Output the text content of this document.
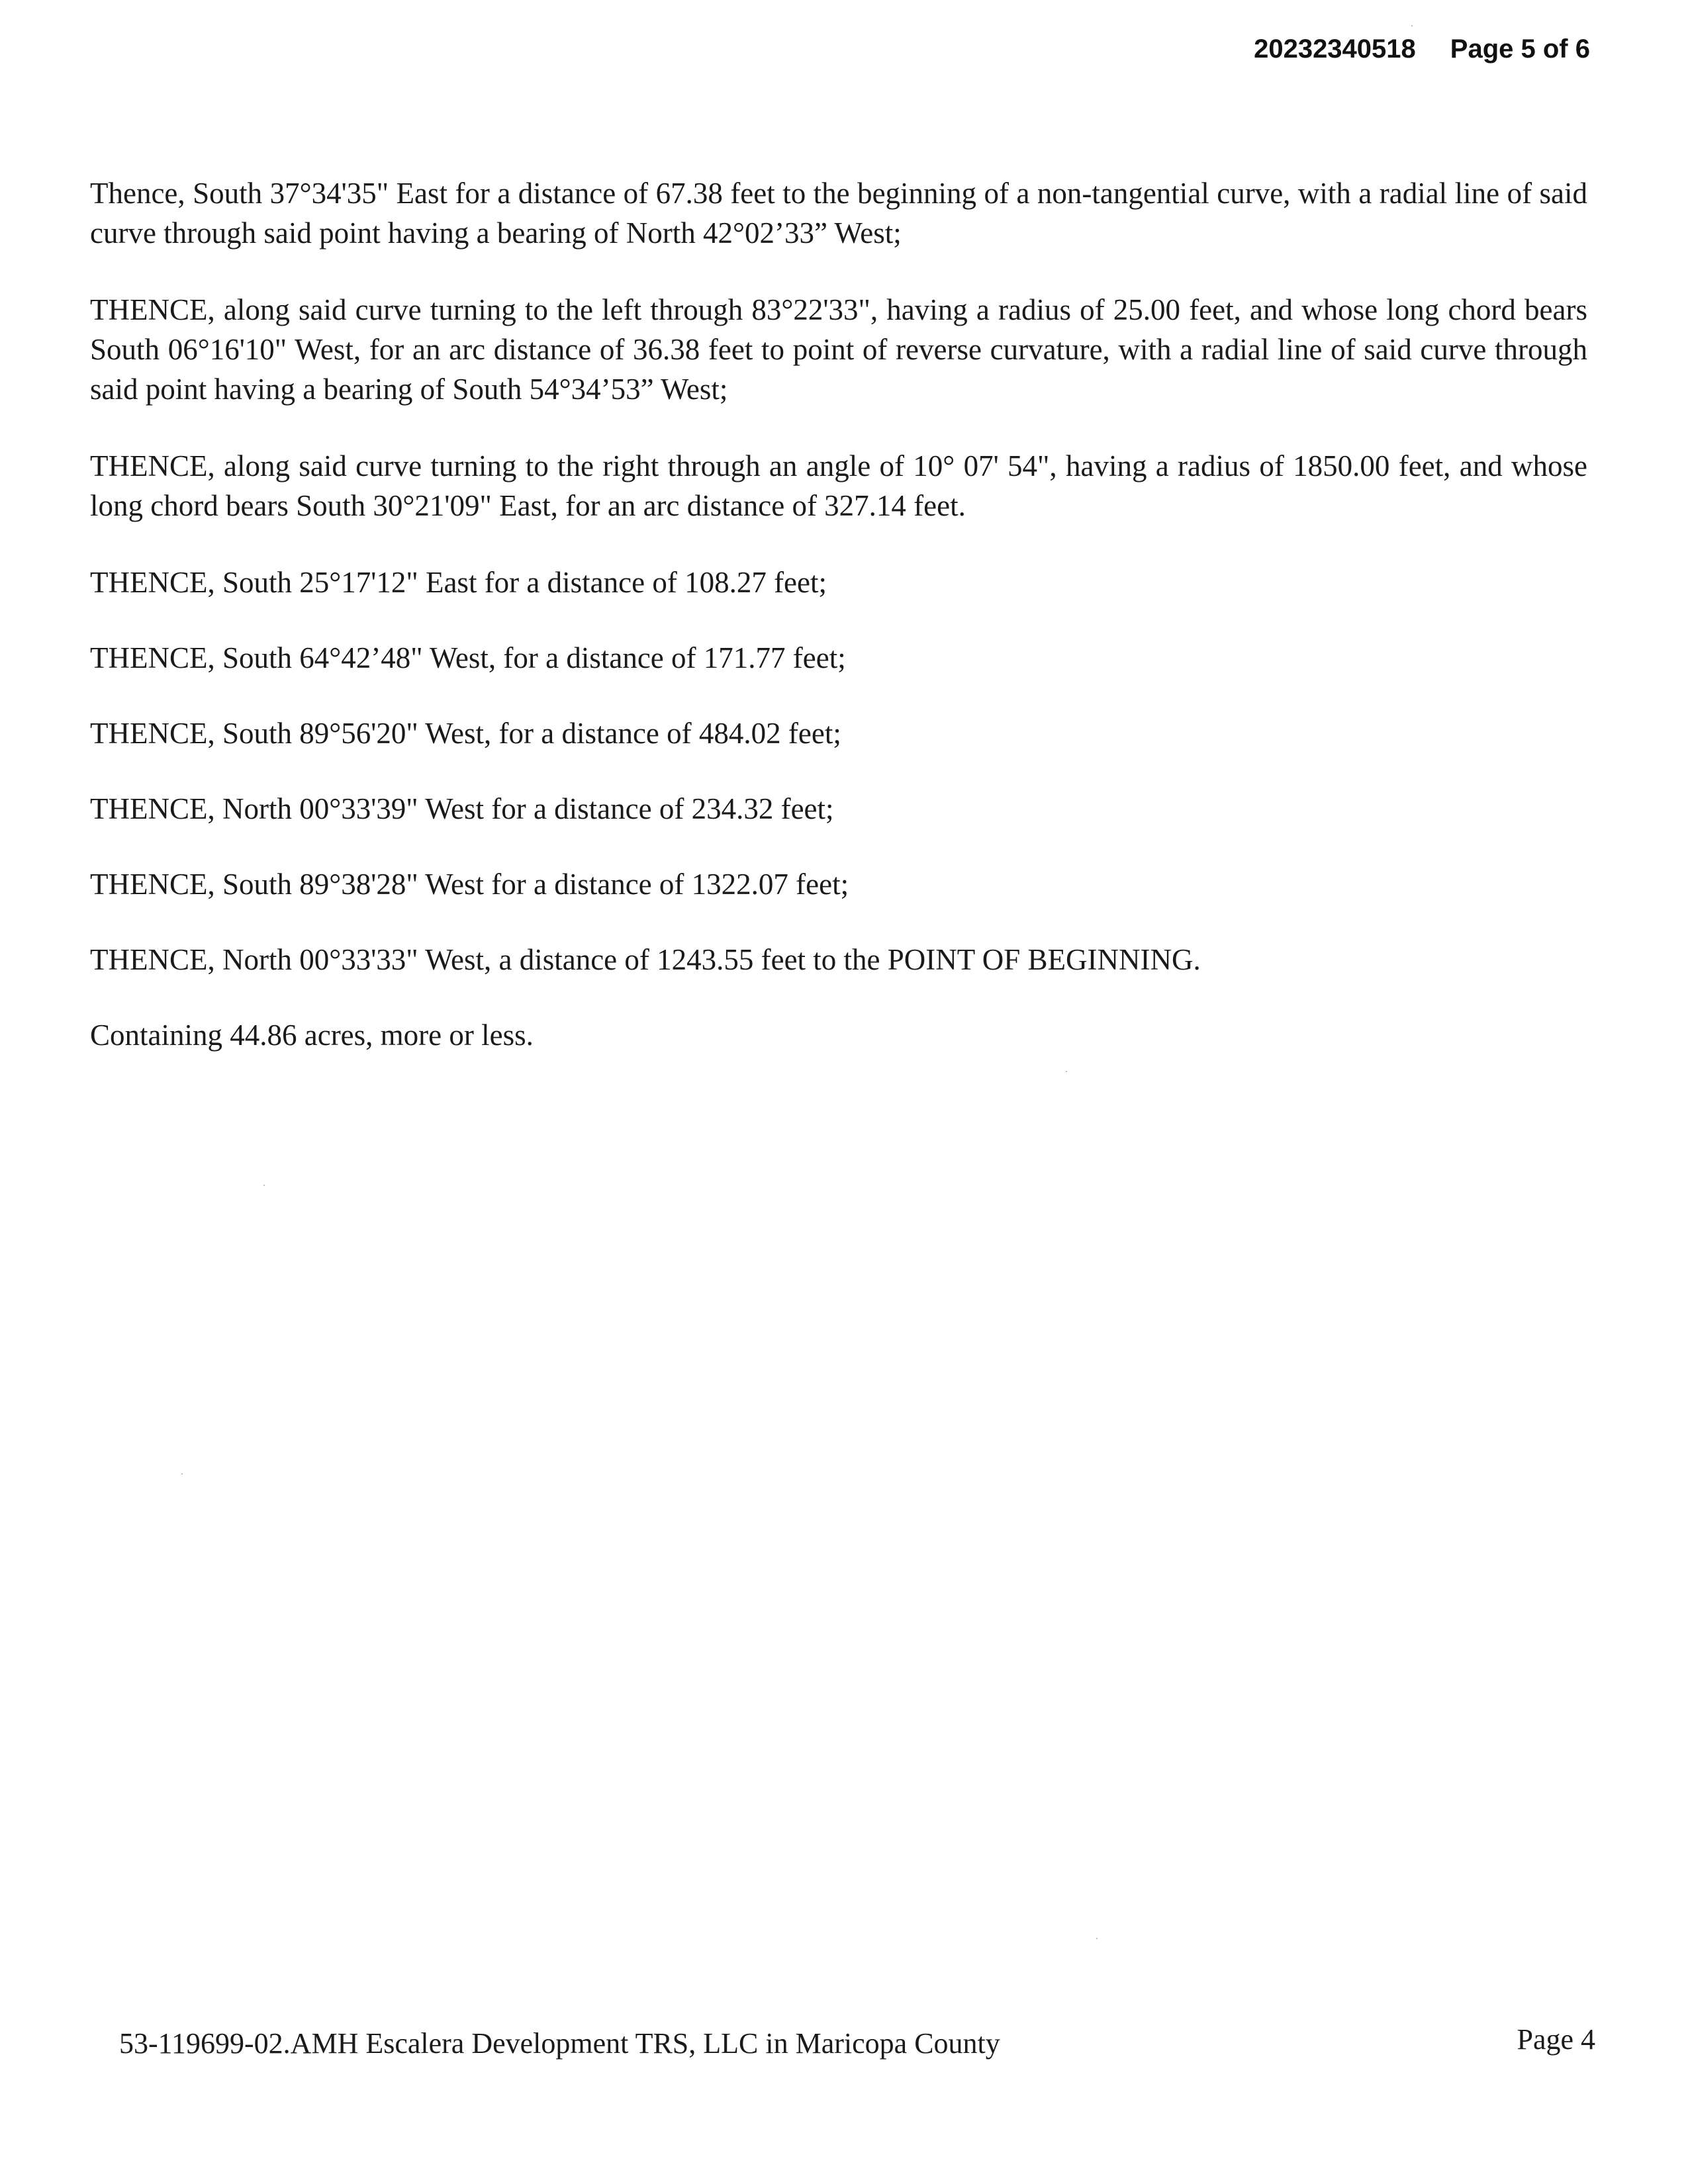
20232340518 Page 5 of 6

Thence, South 37°34'35" East for a distance of 67.38 feet to the beginning of a non-tangential curve, with a radial line of said curve through said point having a bearing of North 42°02’33” West;

THENCE, along said curve turning to the left through 83°22'33", having a radius of 25.00 feet, and whose long chord bears South 06°16'10" West, for an arc distance of 36.38 feet to point of reverse curvature, with a radial line of said curve through said point having a bearing of South 54°34’53” West;

THENCE, along said curve turning to the right through an angle of 10° 07' 54", having a radius of 1850.00 feet, and whose long chord bears South 30°21'09" East, for an arc distance of 327.14 feet.

THENCE, South 25°17'12" East for a distance of 108.27 feet;

THENCE, South 64°42’48" West, for a distance of 171.77 feet;

THENCE, South 89°56'20" West, for a distance of 484.02 feet;

THENCE, North 00°33'39" West for a distance of 234.32 feet;

THENCE, South 89°38'28" West for a distance of 1322.07 feet;

THENCE, North 00°33'33" West, a distance of 1243.55 feet to the POINT OF BEGINNING.

Containing 44.86 acres, more or less.

53-119699-02.AMH Escalera Development TRS, LLC in Maricopa County	Page 4
